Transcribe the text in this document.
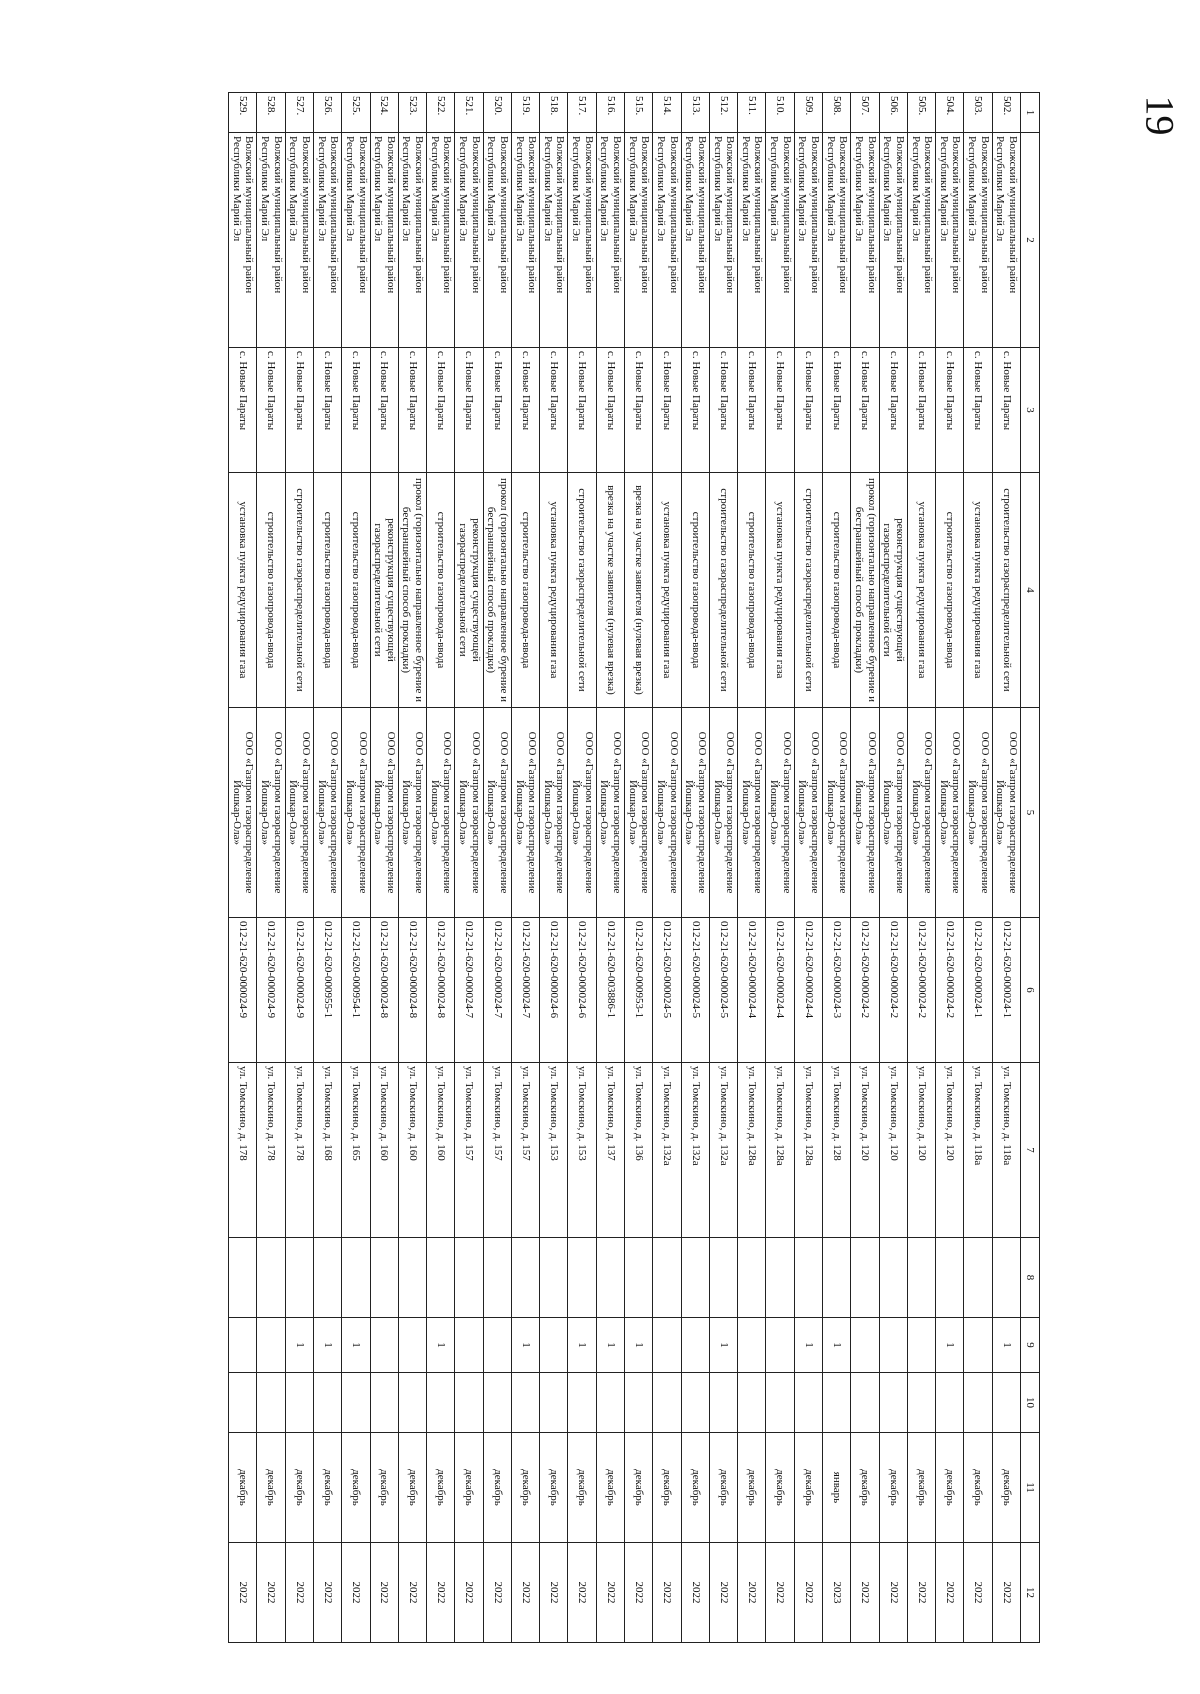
19
1	2	3	4	5	6	7	8	9	10	11	12
502.	Волжский муниципальный район Республики Марий Эл	с. Новые Параты	строительство газораспределительной сети	ООО «Газпром газораспределение Йошкар-Ола»	012-21-620-000024-1	ул. Томскино, д. 118а		1		декабрь	2022
503.	Волжский муниципальный район Республики Марий Эл	с. Новые Параты	установка пункта редуцирования газа	ООО «Газпром газораспределение Йошкар-Ола»	012-21-620-000024-1	ул. Томскино, д. 118а				декабрь	2022
504.	Волжский муниципальный район Республики Марий Эл	с. Новые Параты	строительство газопровода-ввода	ООО «Газпром газораспределение Йошкар-Ола»	012-21-620-000024-2	ул. Томскино, д. 120		1		декабрь	2022
505.	Волжский муниципальный район Республики Марий Эл	с. Новые Параты	установка пункта редуцирования газа	ООО «Газпром газораспределение Йошкар-Ола»	012-21-620-000024-2	ул. Томскино, д. 120				декабрь	2022
506.	Волжский муниципальный район Республики Марий Эл	с. Новые Параты	реконструкция существующей газораспределительной сети	ООО «Газпром газораспределение Йошкар-Ола»	012-21-620-000024-2	ул. Томскино, д. 120				декабрь	2022
507.	Волжский муниципальный район Республики Марий Эл	с. Новые Параты	прокол (горизонтально направленное бурение и бестраншейный способ прокладки)	ООО «Газпром газораспределение Йошкар-Ола»	012-21-620-000024-2	ул. Томскино, д. 120				декабрь	2022
508.	Волжский муниципальный район Республики Марий Эл	с. Новые Параты	строительство газопровода-ввода	ООО «Газпром газораспределение Йошкар-Ола»	012-21-620-000024-3	ул. Томскино, д. 128		1		январь	2023
509.	Волжский муниципальный район Республики Марий Эл	с. Новые Параты	строительство газораспределительной сети	ООО «Газпром газораспределение Йошкар-Ола»	012-21-620-000024-4	ул. Томскино, д. 128а		1		декабрь	2022
510.	Волжский муниципальный район Республики Марий Эл	с. Новые Параты	установка пункта редуцирования газа	ООО «Газпром газораспределение Йошкар-Ола»	012-21-620-000024-4	ул. Томскино, д. 128а				декабрь	2022
511.	Волжский муниципальный район Республики Марий Эл	с. Новые Параты	строительство газопровода-ввода	ООО «Газпром газораспределение Йошкар-Ола»	012-21-620-000024-4	ул. Томскино, д. 128а				декабрь	2022
512.	Волжский муниципальный район Республики Марий Эл	с. Новые Параты	строительство газораспределительной сети	ООО «Газпром газораспределение Йошкар-Ола»	012-21-620-000024-5	ул. Томскино, д. 132а		1		декабрь	2022
513.	Волжский муниципальный район Республики Марий Эл	с. Новые Параты	строительство газопровода-ввода	ООО «Газпром газораспределение Йошкар-Ола»	012-21-620-000024-5	ул. Томскино, д. 132а				декабрь	2022
514.	Волжский муниципальный район Республики Марий Эл	с. Новые Параты	установка пункта редуцирования газа	ООО «Газпром газораспределение Йошкар-Ола»	012-21-620-000024-5	ул. Томскино, д. 132а				декабрь	2022
515.	Волжский муниципальный район Республики Марий Эл	с. Новые Параты	врезка на участке заявителя (нулевая врезка)	ООО «Газпром газораспределение Йошкар-Ола»	012-21-620-000953-1	ул. Томскино, д. 136		1		декабрь	2022
516.	Волжский муниципальный район Республики Марий Эл	с. Новые Параты	врезка на участке заявителя (нулевая врезка)	ООО «Газпром газораспределение Йошкар-Ола»	012-21-620-003886-1	ул. Томскино, д. 137		1		декабрь	2022
517.	Волжский муниципальный район Республики Марий Эл	с. Новые Параты	строительство газораспределительной сети	ООО «Газпром газораспределение Йошкар-Ола»	012-21-620-000024-6	ул. Томскино, д. 153		1		декабрь	2022
518.	Волжский муниципальный район Республики Марий Эл	с. Новые Параты	установка пункта редуцирования газа	ООО «Газпром газораспределение Йошкар-Ола»	012-21-620-000024-6	ул. Томскино, д. 153				декабрь	2022
519.	Волжский муниципальный район Республики Марий Эл	с. Новые Параты	строительство газопровода-ввода	ООО «Газпром газораспределение Йошкар-Ола»	012-21-620-000024-7	ул. Томскино, д. 157		1		декабрь	2022
520.	Волжский муниципальный район Республики Марий Эл	с. Новые Параты	прокол (горизонтально направленное бурение и бестраншейный способ прокладки)	ООО «Газпром газораспределение Йошкар-Ола»	012-21-620-000024-7	ул. Томскино, д. 157				декабрь	2022
521.	Волжский муниципальный район Республики Марий Эл	с. Новые Параты	реконструкция существующей газораспределительной сети	ООО «Газпром газораспределение Йошкар-Ола»	012-21-620-000024-7	ул. Томскино, д. 157				декабрь	2022
522.	Волжский муниципальный район Республики Марий Эл	с. Новые Параты	строительство газопровода-ввода	ООО «Газпром газораспределение Йошкар-Ола»	012-21-620-000024-8	ул. Томскино, д. 160		1		декабрь	2022
523.	Волжский муниципальный район Республики Марий Эл	с. Новые Параты	прокол (горизонтально направленное бурение и бестраншейный способ прокладки)	ООО «Газпром газораспределение Йошкар-Ола»	012-21-620-000024-8	ул. Томскино, д. 160				декабрь	2022
524.	Волжский муниципальный район Республики Марий Эл	с. Новые Параты	реконструкция существующей газораспределительной сети	ООО «Газпром газораспределение Йошкар-Ола»	012-21-620-000024-8	ул. Томскино, д. 160				декабрь	2022
525.	Волжский муниципальный район Республики Марий Эл	с. Новые Параты	строительство газопровода-ввода	ООО «Газпром газораспределение Йошкар-Ола»	012-21-620-000954-1	ул. Томскино, д. 165		1		декабрь	2022
526.	Волжский муниципальный район Республики Марий Эл	с. Новые Параты	строительство газопровода-ввода	ООО «Газпром газораспределение Йошкар-Ола»	012-21-620-000955-1	ул. Томскино, д. 168		1		декабрь	2022
527.	Волжский муниципальный район Республики Марий Эл	с. Новые Параты	строительство газораспределительной сети	ООО «Газпром газораспределение Йошкар-Ола»	012-21-620-000024-9	ул. Томскино, д. 178		1		декабрь	2022
528.	Волжский муниципальный район Республики Марий Эл	с. Новые Параты	строительство газопровода-ввода	ООО «Газпром газораспределение Йошкар-Ола»	012-21-620-000024-9	ул. Томскино, д. 178				декабрь	2022
529.	Волжский муниципальный район Республики Марий Эл	с. Новые Параты	установка пункта редуцирования газа	ООО «Газпром газораспределение Йошкар-Ола»	012-21-620-000024-9	ул. Томскино, д. 178				декабрь	2022
